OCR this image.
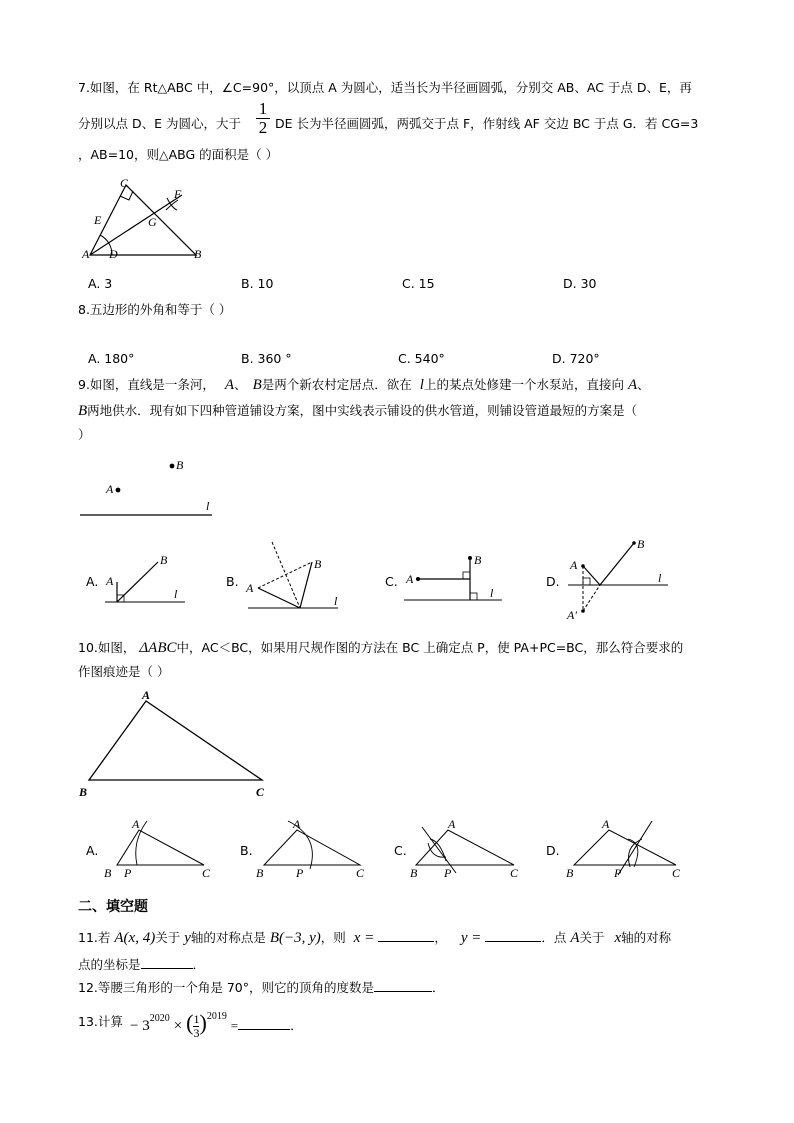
7.如图，在 Rt△ABC 中，∠C=90°，以顶点 A 为圆心，适当长为半径画圆弧，分别交 AB、AC 于点 D、E，再
分别以点 D、E 为圆心，大于 $\frac{1}{2}$ DE 长为半径画圆弧，两弧交于点 F，作射线 AF 交边 BC 于点 G．若 CG=3
，AB=10，则△ABG 的面积是（ ）
C
E
F
G
A D	B
A. 3	B. 10	C. 15	D. 30
8.五边形的外角和等于（ ）
A. 180°	B. 360 °	C. 540°	D. 720°
9.如图，直线是一条河， A、 B是两个新农村定居点．欲在 l上的某点处修建一个水泵站，直接向 A、
B两地供水．现有如下四种管道铺设方案，图中实线表示铺设的供水管道，则铺设管道最短的方案是（
）
B
A
l
A. A
B
l
B. A
B
l
C. A
B
l
D.
A
B
l
A′
10.如图， ΔABC中，AC＜BC，如果用尺规作图的方法在 BC 上确定点 P，使 PA+PC=BC，那么符合要求的
作图痕迹是（ ）
A
B	C
A.
A
B P	C
B.
A
B	P	C
C.
A
B P	C
D.
A
B	P	C
二、填空题
11.若 A(x, 4)关于 y轴的对称点是 B(−3, y)，则 x =	， y =	．点 A关于 x轴的对称
点的坐标是	．
12.等腰三角形的一个角是 70°，则它的顶角的度数是	．
13.计算 − $3^{2020}$ × ( $\frac{1}{3} )^{2019}$ =	．
